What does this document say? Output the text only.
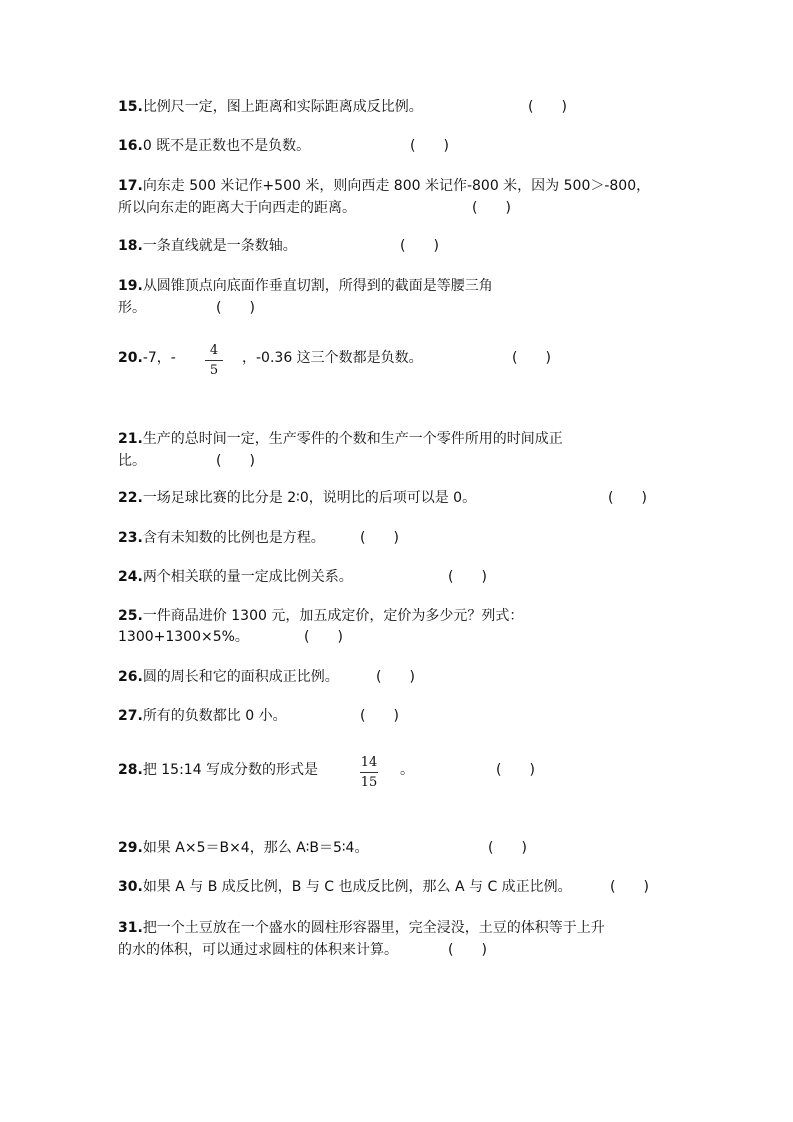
15.比例尺一定，图上距离和实际距离成反比例。	(　　)
16.0 既不是正数也不是负数。	(　　)
17.向东走 500 米记作+500 米，则向西走 800 米记作-800 米，因为 500＞-800，
所以向东走的距离大于向西走的距离。	(　　)
18.一条直线就是一条数轴。	(　　)
19.从圆锥顶点向底面作垂直切割，所得到的截面是等腰三角
形。	(　　)
20.-7，-	4
5
，-0.36 这三个数都是负数。	(　　)
21.生产的总时间一定，生产零件的个数和生产一个零件所用的时间成正
比。	(　　)
22.一场足球比赛的比分是 2∶0，说明比的后项可以是 0。	(　　)
23.含有未知数的比例也是方程。	(　　)
24.两个相关联的量一定成比例关系。	(　　)
25.一件商品进价 1300 元，加五成定价，定价为多少元？列式：
1300+1300×5%。	(　　)
26.圆的周长和它的面积成正比例。	(　　)
27.所有的负数都比 0 小。	(　　)
28.把 15:14 写成分数的形式是	14
15
。	(　　)
29.如果 A×5＝B×4，那么 A∶B＝5∶4。	(　　)
30.如果 A 与 B 成反比例，B 与 C 也成反比例，那么 A 与 C 成正比例。	(　　)
31.把一个土豆放在一个盛水的圆柱形容器里，完全浸没，土豆的体积等于上升
的水的体积，可以通过求圆柱的体积来计算。	(　　)
